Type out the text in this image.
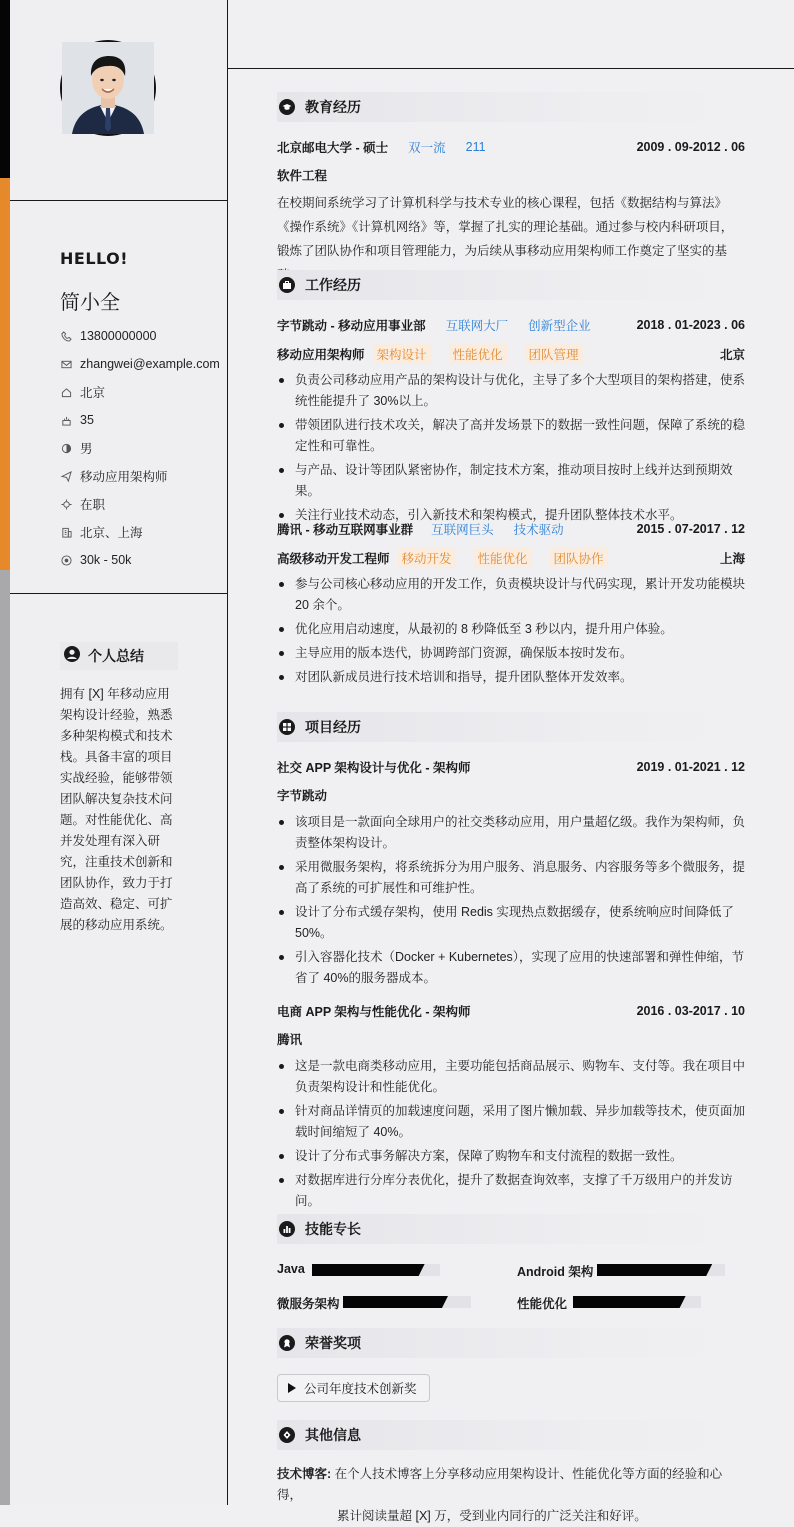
HELLO!
简小全
13800000000
zhangwei@example.com
北京
35
男
移动应用架构师
在职
北京、上海
30k - 50k
个人总结
拥有 [X] 年移动应用架构设计经验，熟悉多种架构模式和技术栈。具备丰富的项目实战经验，能够带领团队解决复杂技术问题。对性能优化、高并发处理有深入研究，注重技术创新和团队协作，致力于打造高效、稳定、可扩展的移动应用系统。
教育经历
北京邮电大学 - 硕士 双一流 211	2009 . 09-2012 . 06
软件工程
在校期间系统学习了计算机科学与技术专业的核心课程，包括《数据结构与算法》《操作系统》《计算机网络》等，掌握了扎实的理论基础。通过参与校内科研项目，锻炼了团队协作和项目管理能力，为后续从事移动应用架构师工作奠定了坚实的基
工作经历
字节跳动 - 移动应用事业部 互联网大厂 创新型企业	2018 . 01-2023 . 06
移动应用架构师 架构设计	性能优化	团队管理	北京
负责公司移动应用产品的架构设计与优化，主导了多个大型项目的架构搭建，使系统性能提升了 30%以上。
带领团队进行技术攻关，解决了高并发场景下的数据一致性问题，保障了系统的稳定性和可靠性。
与产品、设计等团队紧密协作，制定技术方案，推动项目按时上线并达到预期效果。
关注行业技术动态，引入新技术和架构模式，提升团队整体技术水平。
腾讯 - 移动互联网事业群 互联网巨头 技术驱动	2015 . 07-2017 . 12
高级移动开发工程师 移动开发	性能优化	团队协作	上海
参与公司核心移动应用的开发工作，负责模块设计与代码实现，累计开发功能模块 20 余个。
优化应用启动速度，从最初的 8 秒降低至 3 秒以内，提升用户体验。
主导应用的版本迭代，协调跨部门资源，确保版本按时发布。
对团队新成员进行技术培训和指导，提升团队整体开发效率。
项目经历
社交 APP 架构设计与优化 - 架构师	2019 . 01-2021 . 12
字节跳动
该项目是一款面向全球用户的社交类移动应用，用户量超亿级。我作为架构师，负责整体架构设计。
采用微服务架构，将系统拆分为用户服务、消息服务、内容服务等多个微服务，提高了系统的可扩展性和可维护性。
设计了分布式缓存架构，使用 Redis 实现热点数据缓存，使系统响应时间降低了 50%。
引入容器化技术（Docker + Kubernetes），实现了应用的快速部署和弹性伸缩，节省了 40%的服务器成本。
电商 APP 架构与性能优化 - 架构师	2016 . 03-2017 . 10
腾讯
这是一款电商类移动应用，主要功能包括商品展示、购物车、支付等。我在项目中负责架构设计和性能优化。
针对商品详情页的加载速度问题，采用了图片懒加载、异步加载等技术，使页面加载时间缩短了 40%。
设计了分布式事务解决方案，保障了购物车和支付流程的数据一致性。
对数据库进行分库分表优化，提升了数据查询效率，支撑了千万级用户的并发访问。
技能专长
Java	Android 架构
微服务架构	性能优化
荣誉奖项
公司年度技术创新奖
其他信息
技术博客: 在个人技术博客上分享移动应用架构设计、性能优化等方面的经验和心得，
累计阅读量超 [X] 万，受到业内同行的广泛关注和好评。
